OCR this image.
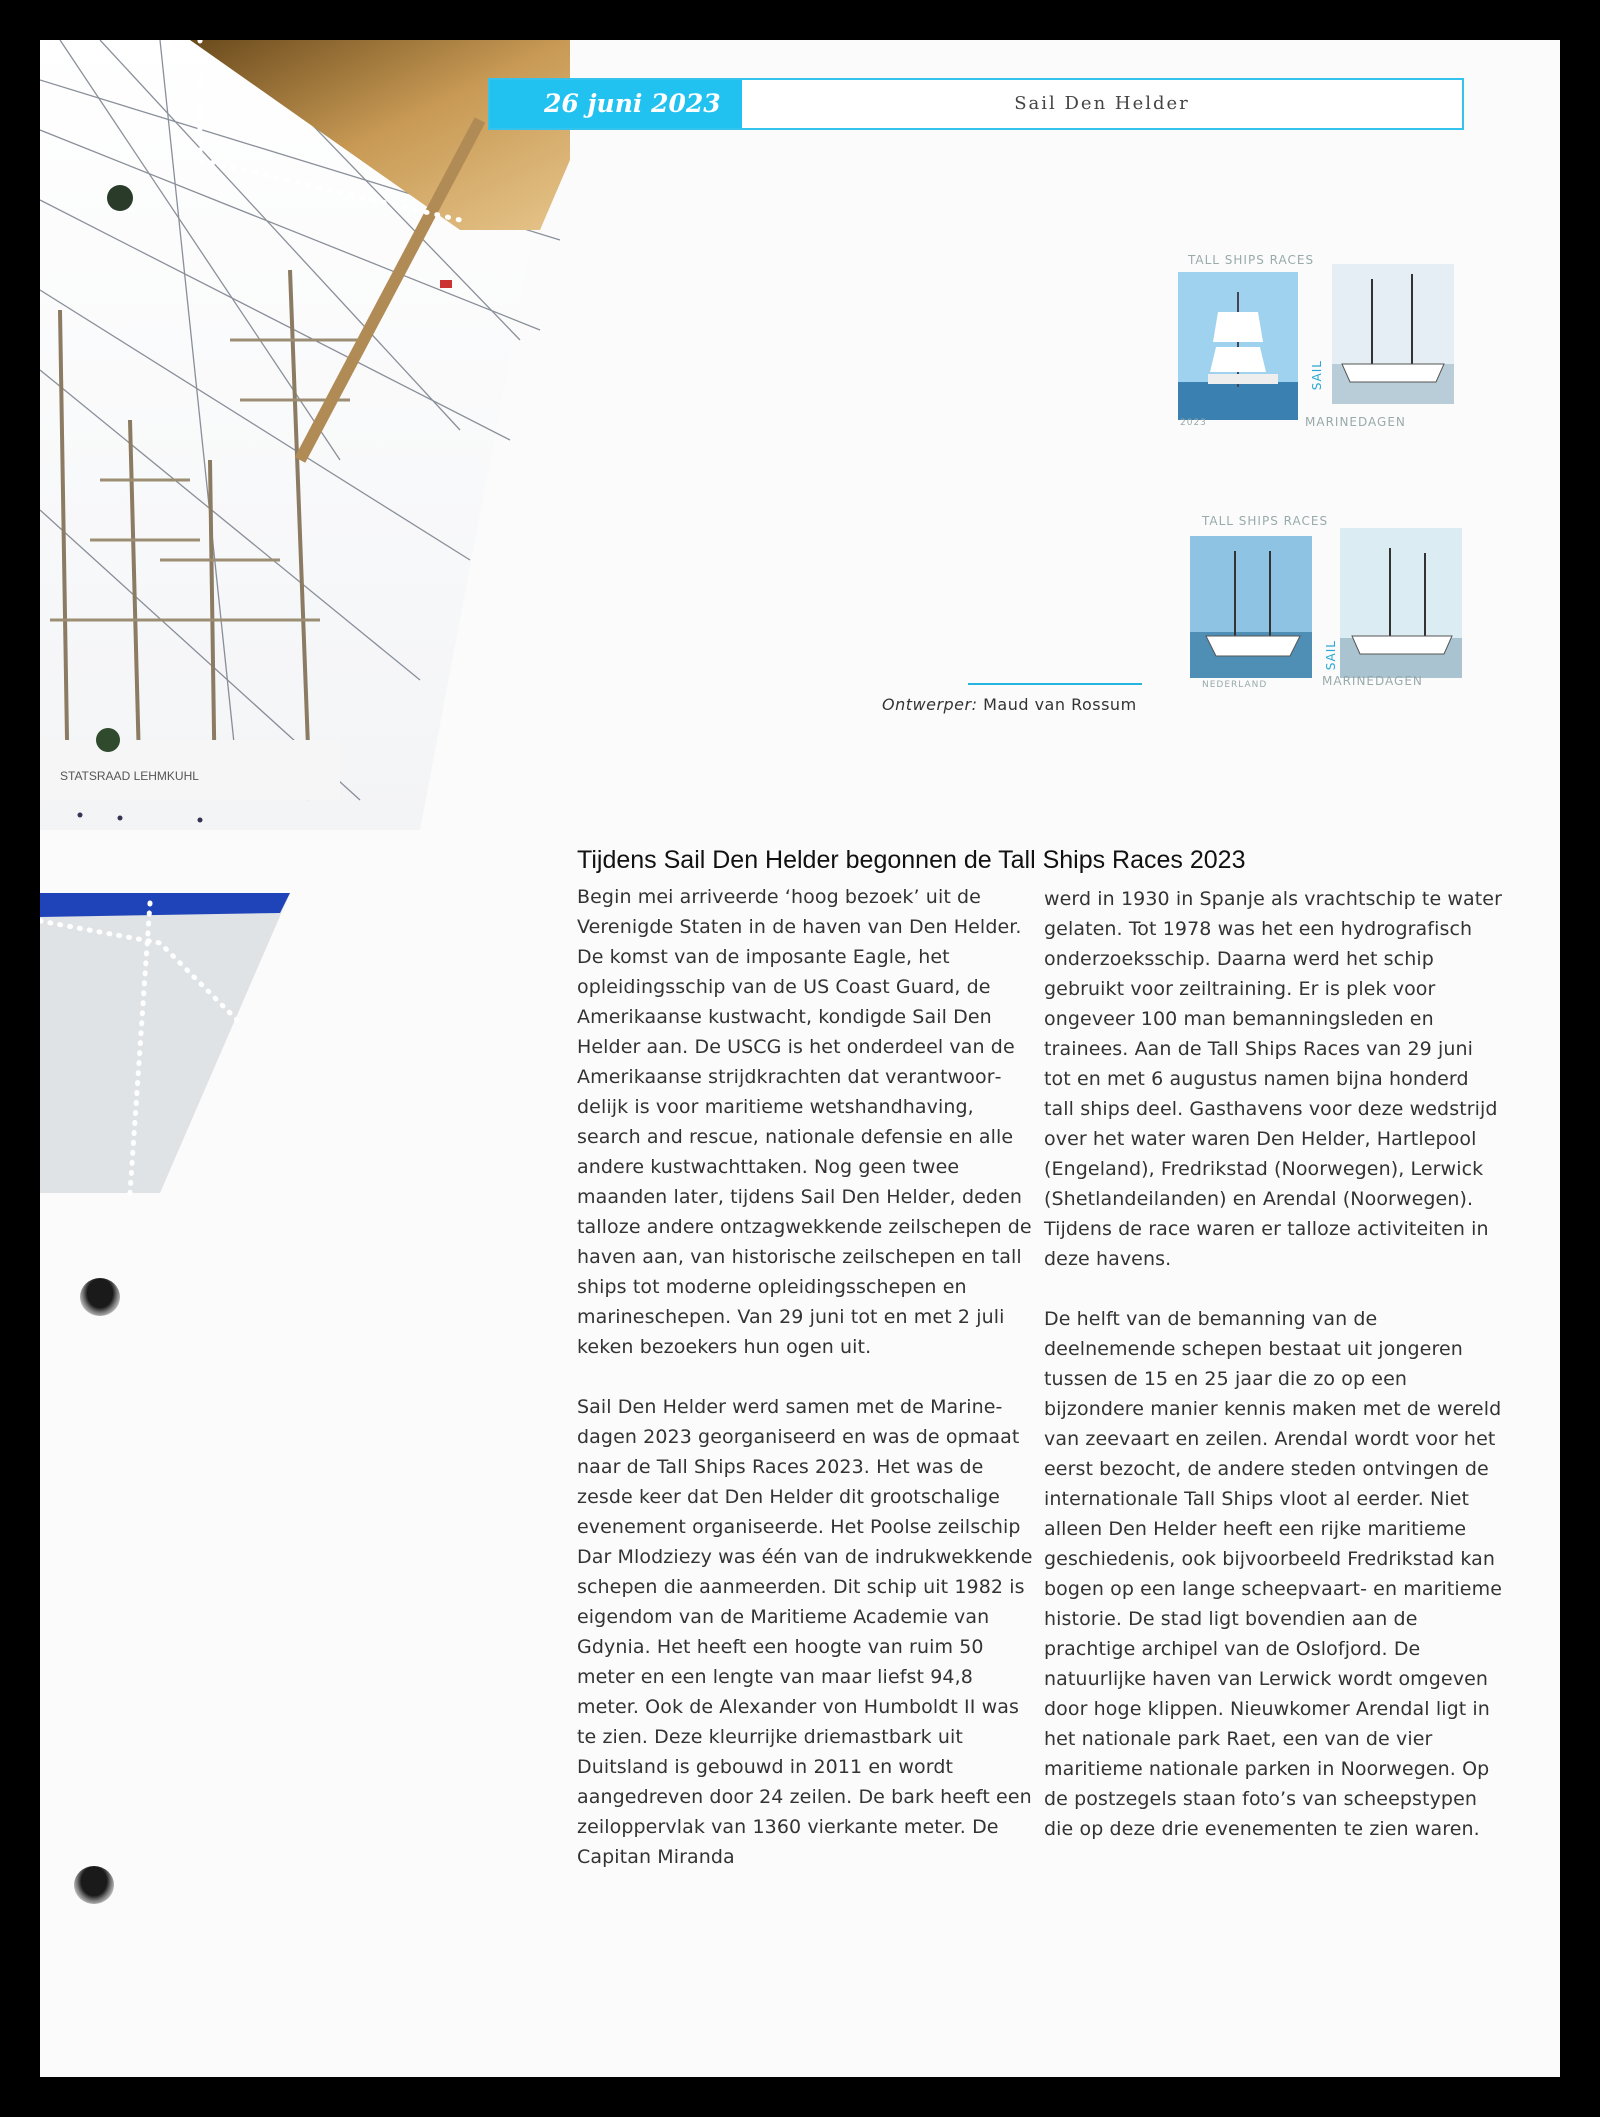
STATSRAAD LEHMKUHL
26 juni 2023	Sail Den Helder
TALL SHIPS RACES
2023
SAIL
MARINEDAGEN
TALL SHIPS RACES
NEDERLAND
SAIL
MARINEDAGEN
Ontwerper: Maud van Rossum
Tijdens Sail Den Helder begonnen de Tall Ships Races 2023

Begin mei arriveerde ‘hoog bezoek’ uit de Verenigde Staten in de haven van Den Helder. De komst van de imposante Eagle, het opleidingsschip van de US Coast Guard, de Amerikaanse kustwacht, kondigde Sail Den Helder aan. De USCG is het onderdeel van de Amerikaanse strijdkrachten dat verantwoordelijk is voor maritieme wetshandhaving, search and rescue, nationale defensie en alle andere kustwachttaken. Nog geen twee maanden later, tijdens Sail Den Helder, deden talloze andere ontzagwekkende zeilschepen de haven aan, van historische zeilschepen en tall ships tot moderne opleidingsschepen en marineschepen. Van 29 juni tot en met 2 juli keken bezoekers hun ogen uit.

Sail Den Helder werd samen met de Marinedagen 2023 georganiseerd en was de opmaat naar de Tall Ships Races 2023. Het was de zesde keer dat Den Helder dit grootschalige evenement organiseerde. Het Poolse zeilschip Dar Mlodziezy was één van de indrukwekkende schepen die aanmeerden. Dit schip uit 1982 is eigendom van de Maritieme Academie van Gdynia. Het heeft een hoogte van ruim 50 meter en een lengte van maar liefst 94,8 meter. Ook de Alexander von Humboldt II was te zien. Deze kleurrijke driemastbark uit Duitsland is gebouwd in 2011 en wordt aangedreven door 24 zeilen. De bark heeft een zeiloppervlak van 1360 vierkante meter. De Capitan Miranda

werd in 1930 in Spanje als vrachtschip te water gelaten. Tot 1978 was het een hydrografisch onderzoeksschip. Daarna werd het schip gebruikt voor zeiltraining. Er is plek voor ongeveer 100 man bemanningsleden en trainees. Aan de Tall Ships Races van 29 juni tot en met 6 augustus namen bijna honderd tall ships deel. Gasthavens voor deze wedstrijd over het water waren Den Helder, Hartlepool (Engeland), Fredrikstad (Noorwegen), Lerwick (Shetlandeilanden) en Arendal (Noorwegen). Tijdens de race waren er talloze activiteiten in deze havens.

De helft van de bemanning van de deelnemende schepen bestaat uit jongeren tussen de 15 en 25 jaar die zo op een bijzondere manier kennis maken met de wereld van zeevaart en zeilen. Arendal wordt voor het eerst bezocht, de andere steden ontvingen de internationale Tall Ships vloot al eerder. Niet alleen Den Helder heeft een rijke maritieme geschiedenis, ook bijvoorbeeld Fredrikstad kan bogen op een lange scheepvaart- en maritieme historie. De stad ligt bovendien aan de prachtige archipel van de Oslofjord. De natuurlijke haven van Lerwick wordt omgeven door hoge klippen. Nieuwkomer Arendal ligt in het nationale park Raet, een van de vier maritieme nationale parken in Noorwegen. Op de postzegels staan foto’s van scheepstypen die op deze drie evenementen te zien waren.
